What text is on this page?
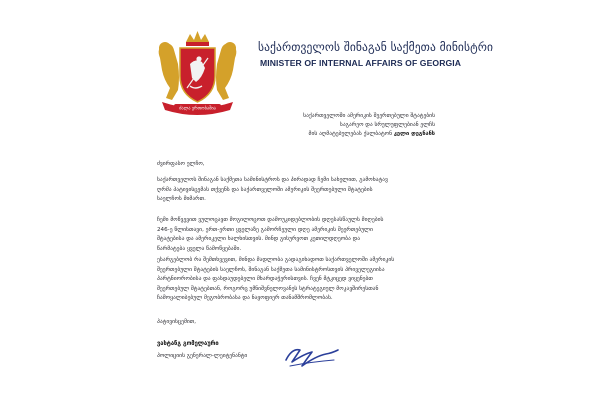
ძალა ერთობაშია
საქართველოს შინაგან საქმეთა მინისტრი
MINISTER OF INTERNAL AFFAIRS OF GEORGIA
საქართველოში ამერიკის შეერთებული შტატების
საგარეო და სრულუფლებიან ელჩს
მის აღმატებულებას ქალბატონ კელი დეგნანს
ძვირფასო ელჩო,
საქართველოს შინაგან საქმეთა სამინისტროს და პირადად ჩემი სახელით, გამოხატავ
ღრმა პატივისცემას თქვენს და საქართველოში ამერიკის შეერთებული შტატების
საელჩოს მიმართ.
ჩემი მოწვევით ვულოცავთ მოგილოცოთ დამოუკიდებლობის დღესასწაულს მიღების
246-ე წლისთავი, ერთ-ერთი ყველაზე გამორჩეული დღე ამერიკის შეერთებული
შტატებისა და ამერიკელი ხალხისთვის. მინდ გისურვოთ კეთილდღეობა და
წარმატება ყველა წამოწყებაში.
ესარგებლობ რა შემთხვევით, მინდა მადლობა გადაგიხადოთ საქართველოში ამერიკის
შეერთებული შტატების საელჩოს, შინაგან საქმეთა სამინისტროსთვის პრიველეგიისა
პარტნიორობისა და ფასდაუდებელი მხარდაჭერისთვის. ჩვენ მტკიცედ ვიყენებთ
შეერთებულ შტატებთან, როგორც უმნიშვნელოვანეს სტრატეგიულ მოკავშირესთან
ჩამოყალიბებულ მეგობრობასა და ნაყოფიერ თანამშრომლობას.
პატივისცემით,
ვახტანგ გომელაური
პოლიციის გენერალ-ლეიტენანტი
